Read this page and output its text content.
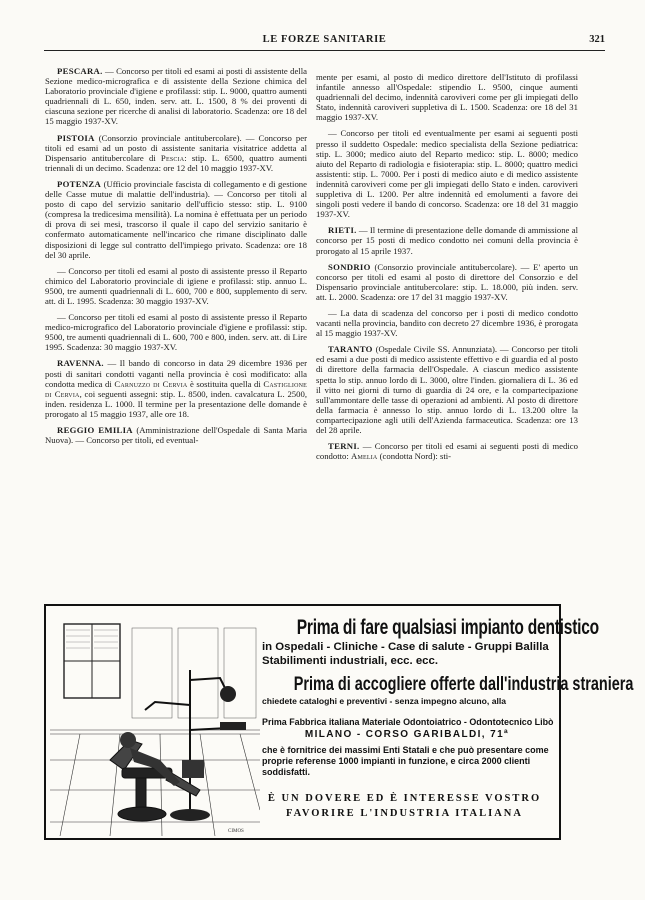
LE FORZE SANITARIE	321

PESCARA. — Concorso per titoli ed esami ai posti di assistente della Sezione medico-micrografica e di assistente della Sezione chimica del Laboratorio provinciale d'igiene e profilassi: stip. L. 9000, quattro aumenti quadriennali di L. 650, inden. serv. att. L. 1500, 8 % dei proventi di ciascuna sezione per ricerche di analisi di laboratorio. Scadenza: ore 18 del 15 maggio 1937-XV.

PISTOIA (Consorzio provinciale antitubercolare). — Concorso per titoli ed esami ad un posto di assistente sanitaria visitatrice addetta al Dispensario antitubercolare di Pescia: stip. L. 6500, quattro aumenti triennali di un decimo. Scadenza: ore 12 del 10 maggio 1937-XV.

POTENZA (Ufficio provinciale fascista di collegamento e di gestione delle Casse mutue di malattie dell'industria). — Concorso per titoli al posto di capo del servizio sanitario dell'ufficio stesso: stip. L. 9100 (compresa la tredicesima mensilità). La nomina è effettuata per un periodo di prova di sei mesi, trascorso il quale il capo del servizio sanitario è confermato automaticamente nell'incarico che rimane disciplinato dalle disposizioni di legge sul contratto dell'impiego privato. Scadenza: ore 18 del 30 aprile.

— Concorso per titoli ed esami al posto di assistente presso il Reparto chimico del Laboratorio provinciale di igiene e profilassi: stip. annuo L. 9500, tre aumenti quadriennali di L. 600, 700 e 800, supplemento di serv. att. di L. 1995. Scadenza: 30 maggio 1937-XV.

— Concorso per titoli ed esami al posto di assistente presso il Reparto medico-micrografico del Laboratorio provinciale d'igiene e profilassi: stip. 9500, tre aumenti quadriennali di L. 600, 700 e 800, inden. serv. att. di Lire 1995. Scadenza: 30 maggio 1937-XV.

RAVENNA. — Il bando di concorso in data 29 dicembre 1936 per posti di sanitari condotti vaganti nella provincia è così modificato: alla condotta medica di Carnuzzo di Cervia è sostituita quella di Castiglione di Cervia, coi seguenti assegni: stip. L. 8500, inden. cavalcatura L. 2500, inden. residenza L. 1000. Il termine per la presentazione delle domande è prorogato al 15 maggio 1937, alle ore 18.

REGGIO EMILIA (Amministrazione dell'Ospedale di Santa Maria Nuova). — Concorso per titoli, ed eventual-

mente per esami, al posto di medico direttore dell'Istituto di profilassi infantile annesso all'Ospedale: stipendio L. 9500, cinque aumenti quadriennali del decimo, indennità caroviveri come per gli impiegati dello Stato, indennità caroviveri suppletiva di L. 1500. Scadenza: ore 18 del 31 maggio 1937-XV.

— Concorso per titoli ed eventualmente per esami ai seguenti posti presso il suddetto Ospedale: medico specialista della Sezione pediatrica: stip. L. 3000; medico aiuto del Reparto medico: stip. L. 8000; medico aiuto del Reparto di radiologia e fisioterapia: stip. L. 8000; quattro medici assistenti: stip. L. 7000. Per i posti di medico aiuto e di medico assistente indennità caroviveri come per gli impiegati dello Stato e inden. caroviveri suppletiva di L. 1200. Per altre indennità ed emolumenti a favore dei singoli posti vedere il bando di concorso. Scadenza: ore 18 del 31 maggio 1937-XV.

RIETI. — Il termine di presentazione delle domande di ammissione al concorso per 15 posti di medico condotto nei comuni della provincia è prorogato al 15 aprile 1937.

SONDRIO (Consorzio provinciale antitubercolare). — E' aperto un concorso per titoli ed esami al posto di direttore del Consorzio e del Dispensario provinciale antitubercolare: stip. L. 18.000, più inden. serv. att. L. 2000. Scadenza: ore 17 del 31 maggio 1937-XV.

— La data di scadenza del concorso per i posti di medico condotto vacanti nella provincia, bandito con decreto 27 dicembre 1936, è prorogata al 15 maggio 1937-XV.

TARANTO (Ospedale Civile SS. Annunziata). — Concorso per titoli ed esami a due posti di medico assistente effettivo e di guardia ed al posto di direttore della farmacia dell'Ospedale. A ciascun medico assistente spetta lo stip. annuo lordo di L. 3000, oltre l'inden. giornaliera di L. 36 ed il vitto nei giorni di turno di guardia di 24 ore, e la compartecipazione sull'ammontare delle tasse di operazioni ad ambienti. Al posto di direttore della farmacia è annesso lo stip. annuo lordo di L. 13.200 oltre la compartecipazione agli utili dell'Azienda farmaceutica. Scadenza: ore 13 del 28 aprile.

TERNI. — Concorso per titoli ed esami ai seguenti posti di medico condotto: Amelia (condotta Nord): sti-

CIMOS
Prima di fare qualsiasi impianto dentistico
in Ospedali - Cliniche - Case di salute - Gruppi Balilla
Stabilimenti industriali, ecc. ecc.
Prima di accogliere offerte dall'industria straniera
chiedete cataloghi e preventivi - senza impegno alcuno, alla
Prima Fabbrica italiana Materiale Odontoiatrico - Odontotecnico Libò
MILANO - CORSO GARIBALDI, 71ª
che è fornitrice dei massimi Enti Statali e che può presentare come proprie referense 1000 impianti in funzione, e circa 2000 clienti soddisfatti.
È UN DOVERE ED È INTERESSE VOSTRO
FAVORIRE L'INDUSTRIA ITALIANA
